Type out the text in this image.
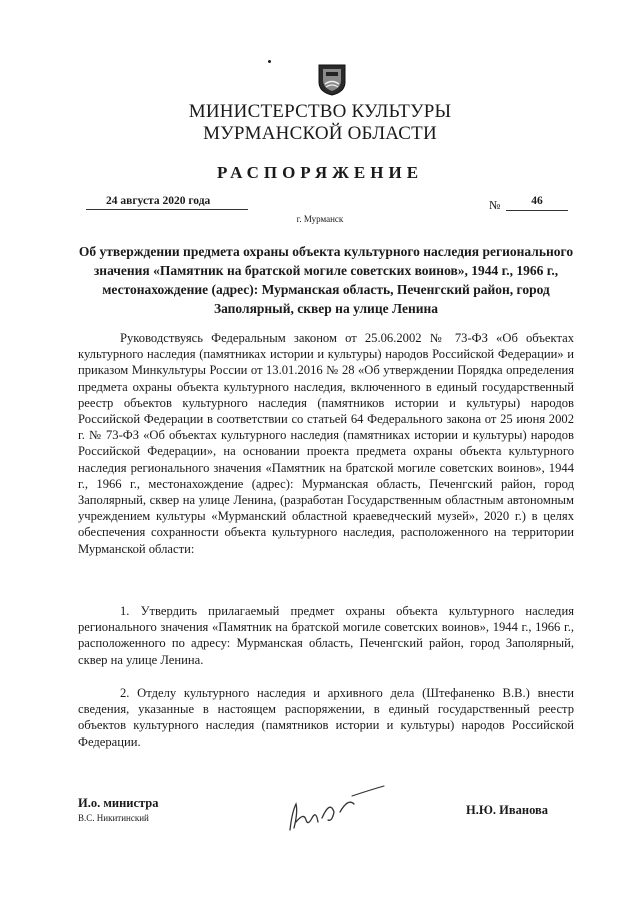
МИНИСТЕРСТВО КУЛЬТУРЫ
МУРМАНСКОЙ ОБЛАСТИ
РАСПОРЯЖЕНИЕ
24 августа 2020 года	№	46
г. Мурманск
Об утверждении предмета охраны объекта культурного наследия регионального значения «Памятник на братской могиле советских воинов», 1944 г., 1966 г., местонахождение (адрес): Мурманская область, Печенгский район, город Заполярный, сквер на улице Ленина
Руководствуясь Федеральным законом от 25.06.2002 № 73-ФЗ «Об объектах культурного наследия (памятниках истории и культуры) народов Российской Федерации» и приказом Минкультуры России от 13.01.2016 № 28 «Об утверждении Порядка определения предмета охраны объекта культурного наследия, включенного в единый государственный реестр объектов культурного наследия (памятников истории и культуры) народов Российской Федерации в соответствии со статьей 64 Федерального закона от 25 июня 2002 г. № 73-ФЗ «Об объектах культурного наследия (памятниках истории и культуры) народов Российской Федерации», на основании проекта предмета охраны объекта культурного наследия регионального значения «Памятник на братской могиле советских воинов», 1944 г., 1966 г., местонахождение (адрес): Мурманская область, Печенгский район, город Заполярный, сквер на улице Ленина, (разработан Государственным областным автономным учреждением культуры «Мурманский областной краеведческий музей», 2020 г.) в целях обеспечения сохранности объекта культурного наследия, расположенного на территории Мурманской области:
1. Утвердить прилагаемый предмет охраны объекта культурного наследия регионального значения «Памятник на братской могиле советских воинов», 1944 г., 1966 г., расположенного по адресу: Мурманская область, Печенгский район, город Заполярный, сквер на улице Ленина.
2. Отделу культурного наследия и архивного дела (Штефаненко В.В.) внести сведения, указанные в настоящем распоряжении, в единый государственный реестр объектов культурного наследия (памятников истории и культуры) народов Российской Федерации.
И.о. министра
В.С. Никитинский
Н.Ю. Иванова
